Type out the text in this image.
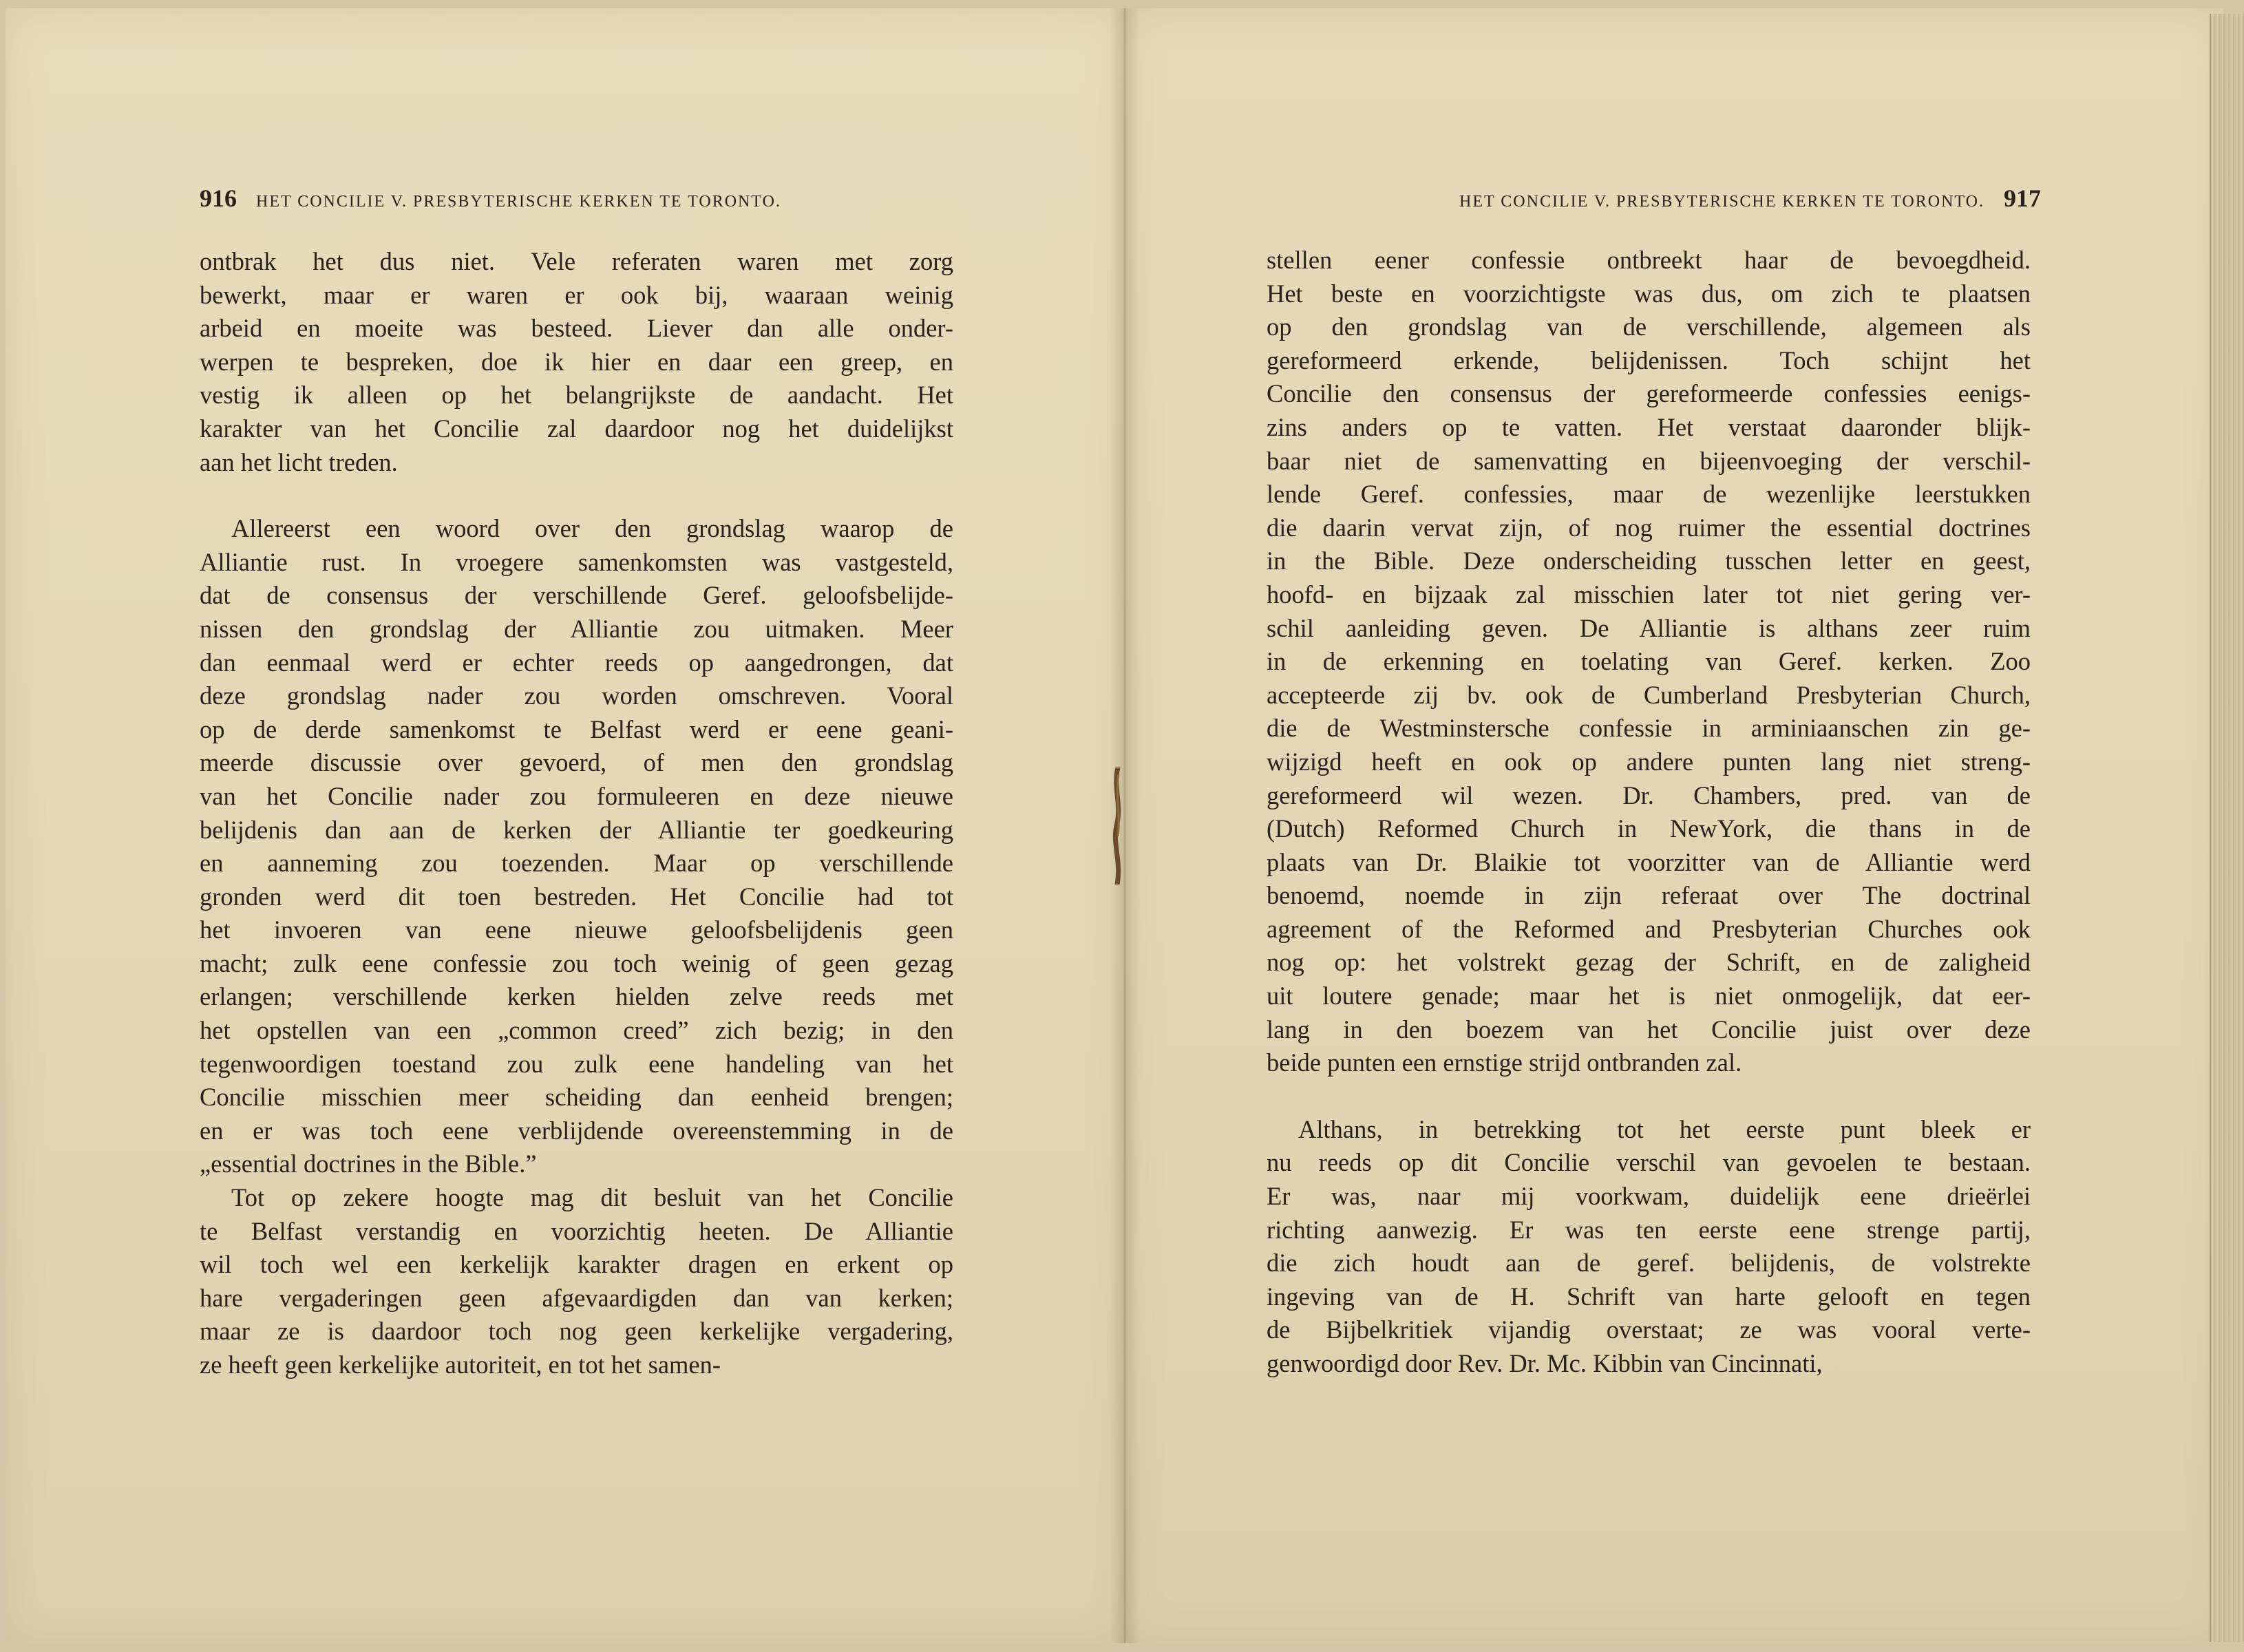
916 HET CONCILIE V. PRESBYTERISCHE KERKEN TE TORONTO.	HET CONCILIE V. PRESBYTERISCHE KERKEN TE TORONTO. 917
ontbrak het dus niet. Vele referaten waren met zorg
bewerkt, maar er waren er ook bij, waaraan weinig
arbeid en moeite was besteed. Liever dan alle onder-
werpen te bespreken, doe ik hier en daar een greep, en
vestig ik alleen op het belangrijkste de aandacht. Het
karakter van het Concilie zal daardoor nog het duidelijkst
aan het licht treden.
Allereerst een woord over den grondslag waarop de
Alliantie rust. In vroegere samenkomsten was vastgesteld,
dat de consensus der verschillende Geref. geloofsbelijde-
nissen den grondslag der Alliantie zou uitmaken. Meer
dan eenmaal werd er echter reeds op aangedrongen, dat
deze grondslag nader zou worden omschreven. Vooral
op de derde samenkomst te Belfast werd er eene geani-
meerde discussie over gevoerd, of men den grondslag
van het Concilie nader zou formuleeren en deze nieuwe
belijdenis dan aan de kerken der Alliantie ter goedkeuring
en aanneming zou toezenden. Maar op verschillende
gronden werd dit toen bestreden. Het Concilie had tot
het invoeren van eene nieuwe geloofsbelijdenis geen
macht; zulk eene confessie zou toch weinig of geen gezag
erlangen; verschillende kerken hielden zelve reeds met
het opstellen van een „common creed” zich bezig; in den
tegenwoordigen toestand zou zulk eene handeling van het
Concilie misschien meer scheiding dan eenheid brengen;
en er was toch eene verblijdende overeenstemming in de
„essential doctrines in the Bible.”
Tot op zekere hoogte mag dit besluit van het Concilie
te Belfast verstandig en voorzichtig heeten. De Alliantie
wil toch wel een kerkelijk karakter dragen en erkent op
hare vergaderingen geen afgevaardigden dan van kerken;
maar ze is daardoor toch nog geen kerkelijke vergadering,
ze heeft geen kerkelijke autoriteit, en tot het samen-
stellen eener confessie ontbreekt haar de bevoegdheid.
Het beste en voorzichtigste was dus, om zich te plaatsen
op den grondslag van de verschillende, algemeen als
gereformeerd erkende, belijdenissen. Toch schijnt het
Concilie den consensus der gereformeerde confessies eenigs-
zins anders op te vatten. Het verstaat daaronder blijk-
baar niet de samenvatting en bijeenvoeging der verschil-
lende Geref. confessies, maar de wezenlijke leerstukken
die daarin vervat zijn, of nog ruimer the essential doctrines
in the Bible. Deze onderscheiding tusschen letter en geest,
hoofd- en bijzaak zal misschien later tot niet gering ver-
schil aanleiding geven. De Alliantie is althans zeer ruim
in de erkenning en toelating van Geref. kerken. Zoo
accepteerde zij bv. ook de Cumberland Presbyterian Church,
die de Westminstersche confessie in arminiaanschen zin ge-
wijzigd heeft en ook op andere punten lang niet streng-
gereformeerd wil wezen. Dr. Chambers, pred. van de
(Dutch) Reformed Church in NewYork, die thans in de
plaats van Dr. Blaikie tot voorzitter van de Alliantie werd
benoemd, noemde in zijn referaat over The doctrinal
agreement of the Reformed and Presbyterian Churches ook
nog op: het volstrekt gezag der Schrift, en de zaligheid
uit loutere genade; maar het is niet onmogelijk, dat eer-
lang in den boezem van het Concilie juist over deze
beide punten een ernstige strijd ontbranden zal.
Althans, in betrekking tot het eerste punt bleek er
nu reeds op dit Concilie verschil van gevoelen te bestaan.
Er was, naar mij voorkwam, duidelijk eene drieërlei
richting aanwezig. Er was ten eerste eene strenge partij,
die zich houdt aan de geref. belijdenis, de volstrekte
ingeving van de H. Schrift van harte gelooft en tegen
de Bijbelkritiek vijandig overstaat; ze was vooral verte-
genwoordigd door Rev. Dr. Mc. Kibbin van Cincinnati,
